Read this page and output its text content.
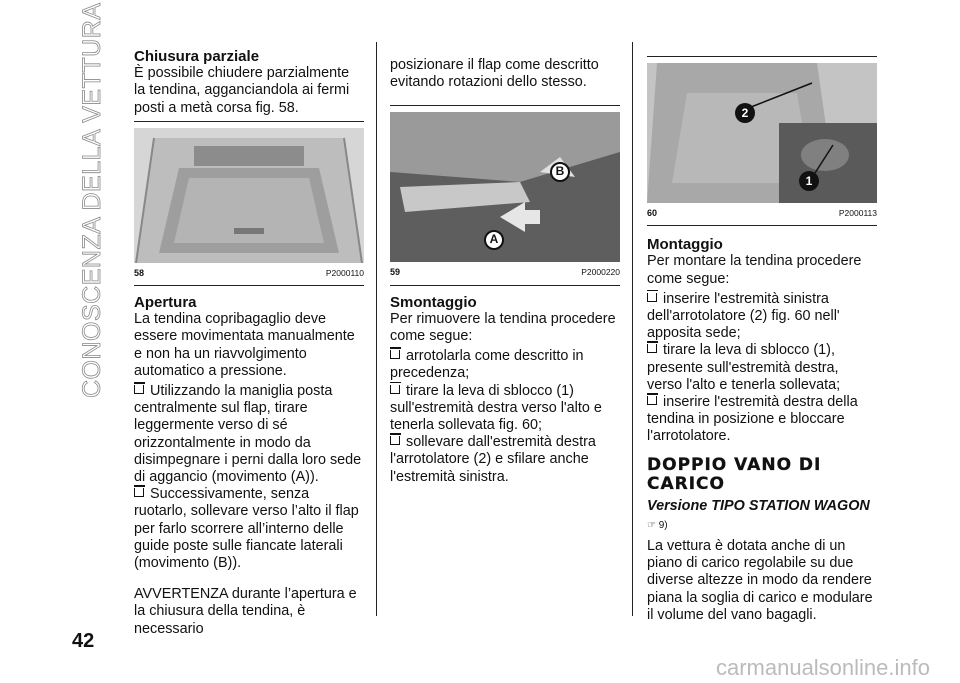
CONOSCENZA DELLA VETTURA Chiusura parziale

È possibile chiudere parzialmente la tendina, agganciandola ai fermi posti a metà corsa fig. 58.

58	P2000110

Apertura

La tendina copribagaglio deve essere movimentata manualmente e non ha un riavvolgimento automatico a pressione.

Utilizzando la maniglia posta centralmente sul flap, tirare leggermente verso di sé orizzontalmente in modo da disimpegnare i perni dalla loro sede di aggancio (movimento (A)).

Successivamente, senza ruotarlo, sollevare verso l’alto il flap per farlo scorrere all’interno delle guide poste sulle fiancate laterali (movimento (B)).

AVVERTENZA durante l’apertura e la chiusura della tendina, è necessario

posizionare il flap come descritto evitando rotazioni dello stesso.

B
A
59	P2000220

Smontaggio

Per rimuovere la tendina procedere come segue:

arrotolarla come descritto in precedenza;

tirare la leva di sblocco (1) sull'estremità destra verso l'alto e tenerla sollevata fig. 60;

sollevare dall'estremità destra l'arrotolatore (2) e sfilare anche l'estremità sinistra.

2
1
60	P2000113

Montaggio

Per montare la tendina procedere come segue:

inserire l'estremità sinistra dell'arrotolatore (2) fig. 60 nell' apposita sede;

tirare la leva di sblocco (1), presente sull'estremità destra, verso l'alto e tenerla sollevata;

inserire l'estremità destra della tendina in posizione e bloccare l'arrotolatore.

DOPPIO VANO DI CARICO

Versione TIPO STATION WAGON

☞ 9)

La vettura è dotata anche di un piano di carico regolabile su due diverse altezze in modo da rendere piana la soglia di carico e modulare il volume del vano bagagli.

42
carmanualsonline.info
